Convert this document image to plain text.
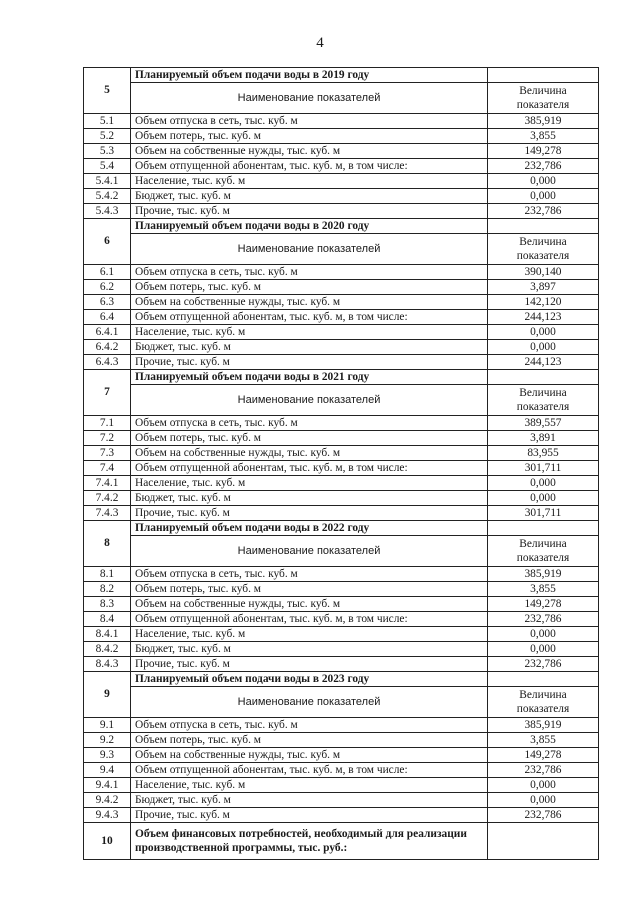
4
5	Планируемый объем подачи воды в 2019 году	
	Наименование показателей	Величина показателя
5.1	Объем отпуска в сеть, тыс. куб. м	385,919
5.2	Объем потерь, тыс. куб. м	3,855
5.3	Объем на собственные нужды, тыс. куб. м	149,278
5.4	Объем отпущенной абонентам, тыс. куб. м, в том числе:	232,786
5.4.1	Население, тыс. куб. м	0,000
5.4.2	Бюджет, тыс. куб. м	0,000
5.4.3	Прочие, тыс. куб. м	232,786
6	Планируемый объем подачи воды в 2020 году	
	Наименование показателей	Величина показателя
6.1	Объем отпуска в сеть, тыс. куб. м	390,140
6.2	Объем потерь, тыс. куб. м	3,897
6.3	Объем на собственные нужды, тыс. куб. м	142,120
6.4	Объем отпущенной абонентам, тыс. куб. м, в том числе:	244,123
6.4.1	Население, тыс. куб. м	0,000
6.4.2	Бюджет, тыс. куб. м	0,000
6.4.3	Прочие, тыс. куб. м	244,123
7	Планируемый объем подачи воды в 2021 году	
	Наименование показателей	Величина показателя
7.1	Объем отпуска в сеть, тыс. куб. м	389,557
7.2	Объем потерь, тыс. куб. м	3,891
7.3	Объем на собственные нужды, тыс. куб. м	83,955
7.4	Объем отпущенной абонентам, тыс. куб. м, в том числе:	301,711
7.4.1	Население, тыс. куб. м	0,000
7.4.2	Бюджет, тыс. куб. м	0,000
7.4.3	Прочие, тыс. куб. м	301,711
8	Планируемый объем подачи воды в 2022 году	
	Наименование показателей	Величина показателя
8.1	Объем отпуска в сеть, тыс. куб. м	385,919
8.2	Объем потерь, тыс. куб. м	3,855
8.3	Объем на собственные нужды, тыс. куб. м	149,278
8.4	Объем отпущенной абонентам, тыс. куб. м, в том числе:	232,786
8.4.1	Население, тыс. куб. м	0,000
8.4.2	Бюджет, тыс. куб. м	0,000
8.4.3	Прочие, тыс. куб. м	232,786
9	Планируемый объем подачи воды в 2023 году	
	Наименование показателей	Величина показателя
9.1	Объем отпуска в сеть, тыс. куб. м	385,919
9.2	Объем потерь, тыс. куб. м	3,855
9.3	Объем на собственные нужды, тыс. куб. м	149,278
9.4	Объем отпущенной абонентам, тыс. куб. м, в том числе:	232,786
9.4.1	Население, тыс. куб. м	0,000
9.4.2	Бюджет, тыс. куб. м	0,000
9.4.3	Прочие, тыс. куб. м	232,786
10	Объем финансовых потребностей, необходимый для реализации производственной программы, тыс. руб.:	
